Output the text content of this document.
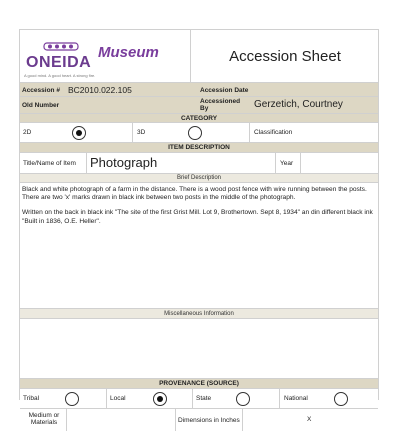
ONEIDA
A good mind. A good heart. A strong fire.
Museum	Accession Sheet
Accession # BC2010.022.105	Accession Date
Old Number
Accessioned By	Gerzetich, Courtney
CATEGORY
2D	3D	Classification
ITEM DESCRIPTION
Title/Name of Item Photograph	Year
Brief Description

Black and white photograph of a farm in the distance. There is a wood post fence with wire running between the posts. There are two 'x' marks drawn in black ink between two posts in the middle of the photograph.

Written on the back in black ink "The site of the first Grist Mill. Lot 9, Brothertown. Sept 8, 1934" an din different black ink "Built in 1836, O.E. Heller".

Miscellaneous Information
PROVENANCE (SOURCE)
Tribal	Local	State	National
Medium or Materials	Dimensions in Inches	X
